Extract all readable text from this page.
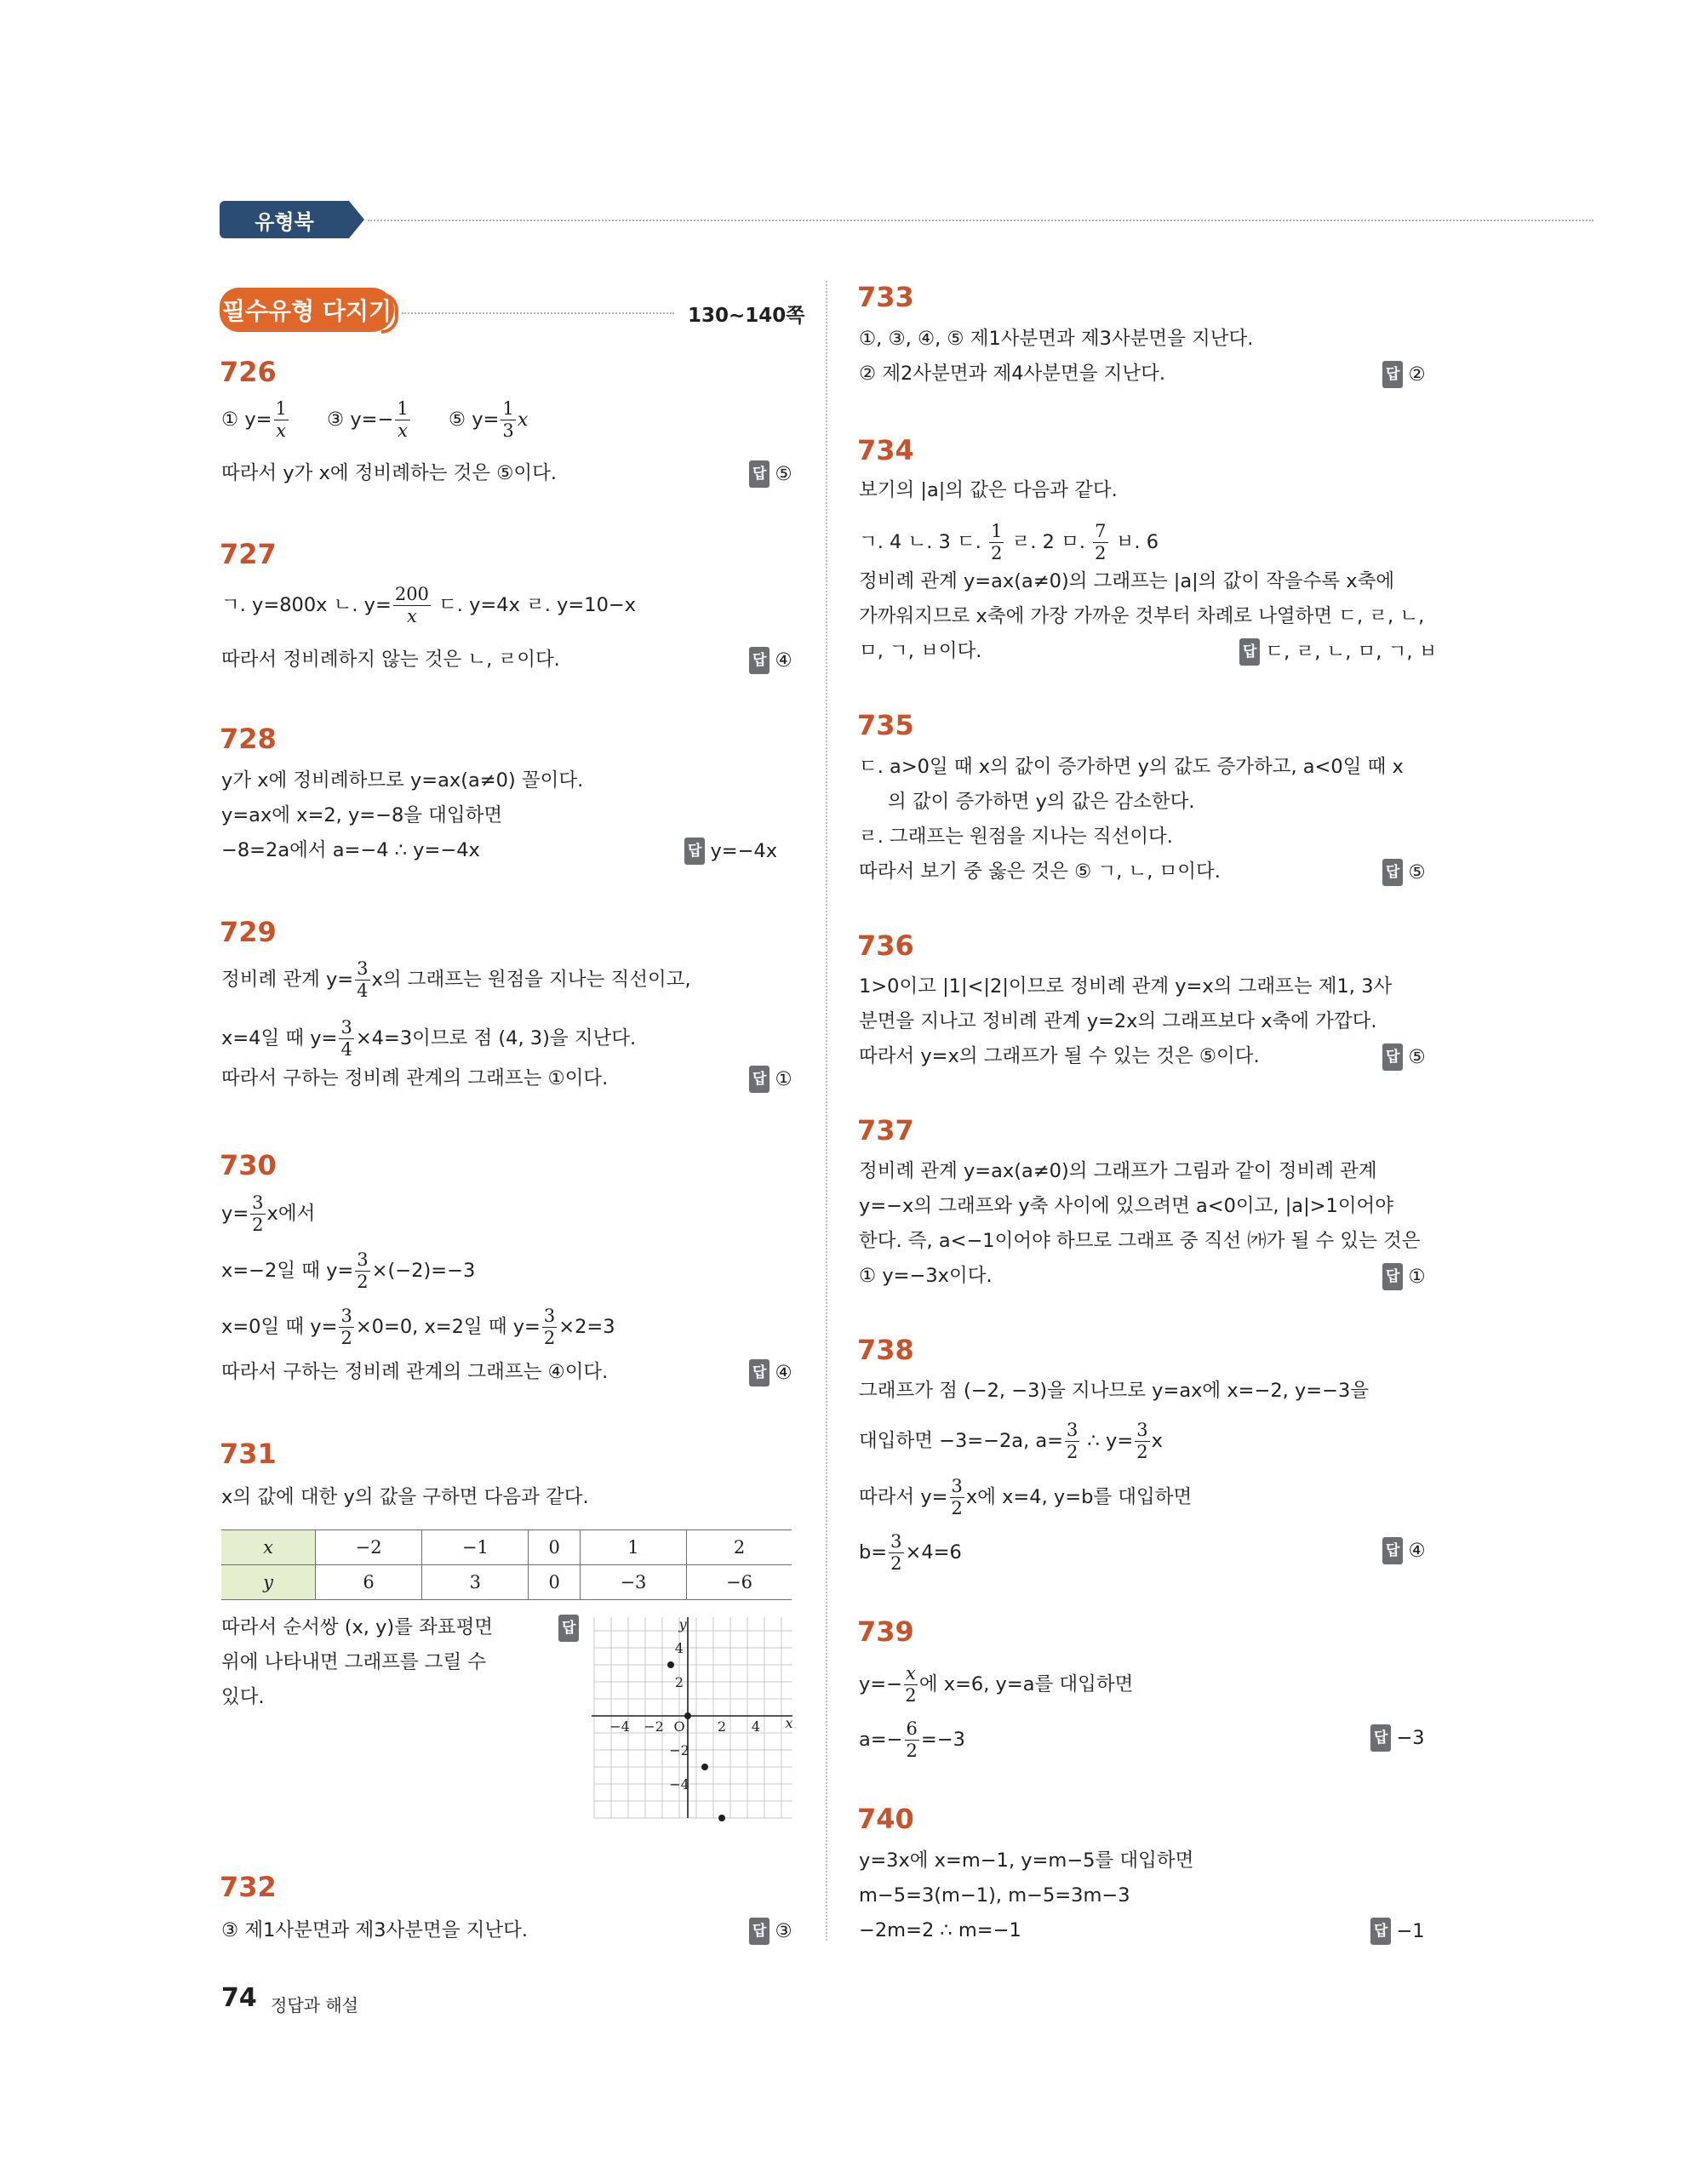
유형북
필수유형 다지기	130~140쪽
726
① $y= \frac{1}{x}$ ③ $y=- \frac{1}{x}$ ⑤ $y= \frac{1}{3}$ x
따라서 y가 x에 정비례하는 것은 ⑤이다.	답 ⑤
727
ㄱ. y=800x ㄴ. $y= \frac{200}{x}$ ㄷ. y=4x ㄹ. y=10−x
따라서 정비례하지 않는 것은 ㄴ, ㄹ이다.	답 ④
728
y가 x에 정비례하므로 y=ax(a≠0) 꼴이다.
y=ax에 x=2, y=−8을 대입하면
−8=2a에서 a=−4 ∴ y=−4x	답 y=−4x
729
정비례 관계 $y= \frac{3}{4}$ x의 그래프는 원점을 지나는 직선이고,
x=4일 때 $y= \frac{3}{4} \times 4=3$이므로 점 (4, 3)을 지난다.
따라서 구하는 정비례 관계의 그래프는 ①이다.	답 ①
730
$y= \frac{3}{2}$ x에서
x=−2일 때 $y= \frac{3}{2} \times(-2)=-3$
x=0일 때 $y= \frac{3}{2} \times 0=0$, x=2일 때 $y= \frac{3}{2} \times 2=3$
따라서 구하는 정비례 관계의 그래프는 ④이다.	답 ④
731
x의 값에 대한 y의 값을 구하면 다음과 같다.
x	−2	−1	0	1	2
y	6	3	0	−3	−6
따라서 순서쌍 (x, y)를 좌표평면
위에 나타내면 그래프를 그릴 수
있다.
답
−4 −2	2 4
4
2
−2
−4
O	x
y
732
③ 제1사분면과 제3사분면을 지난다.	답 ③
733
①, ③, ④, ⑤ 제1사분면과 제3사분면을 지난다.
② 제2사분면과 제4사분면을 지난다.	답 ②
734
보기의 |a|의 값은 다음과 같다.
ㄱ. 4 ㄴ. 3 ㄷ. $\frac{1}{2}$ ㄹ. 2 ㅁ. $\frac{7}{2}$ ㅂ. 6
정비례 관계 y=ax(a≠0)의 그래프는 |a|의 값이 작을수록 x축에
가까워지므로 x축에 가장 가까운 것부터 차례로 나열하면 ㄷ, ㄹ, ㄴ,
ㅁ, ㄱ, ㅂ이다.	답 ㄷ, ㄹ, ㄴ, ㅁ, ㄱ, ㅂ
735
ㄷ. a>0일 때 x의 값이 증가하면 y의 값도 증가하고, a<0일 때 x
의 값이 증가하면 y의 값은 감소한다.
ㄹ. 그래프는 원점을 지나는 직선이다.
따라서 보기 중 옳은 것은 ⑤ ㄱ, ㄴ, ㅁ이다.	답 ⑤
736
1>0이고 |1|<|2|이므로 정비례 관계 y=x의 그래프는 제1, 3사
분면을 지나고 정비례 관계 y=2x의 그래프보다 x축에 가깝다.
따라서 y=x의 그래프가 될 수 있는 것은 ⑤이다.	답 ⑤
737
정비례 관계 y=ax(a≠0)의 그래프가 그림과 같이 정비례 관계
y=−x의 그래프와 y축 사이에 있으려면 a<0이고, |a|>1이어야
한다. 즉, a<−1이어야 하므로 그래프 중 직선 ㈎가 될 수 있는 것은
① y=−3x이다.	답 ①
738
그래프가 점 (−2, −3)을 지나므로 y=ax에 x=−2, y=−3을
대입하면 −3=−2a, $a= \frac{3}{2}$ ∴ $y= \frac{3}{2}$ x
따라서 $y= \frac{3}{2}$ x에 x=4, y=b를 대입하면
$b= \frac{3}{2} \times 4=6$	답 ④
739
$y=- \frac{x}{2}$ 에 x=6, y=a를 대입하면
$a=- \frac{6}{2} =-3$	답 −3
740
y=3x에 x=m−1, y=m−5를 대입하면
m−5=3(m−1), m−5=3m−3
−2m=2 ∴ m=−1	답 −1
74 정답과 해설
